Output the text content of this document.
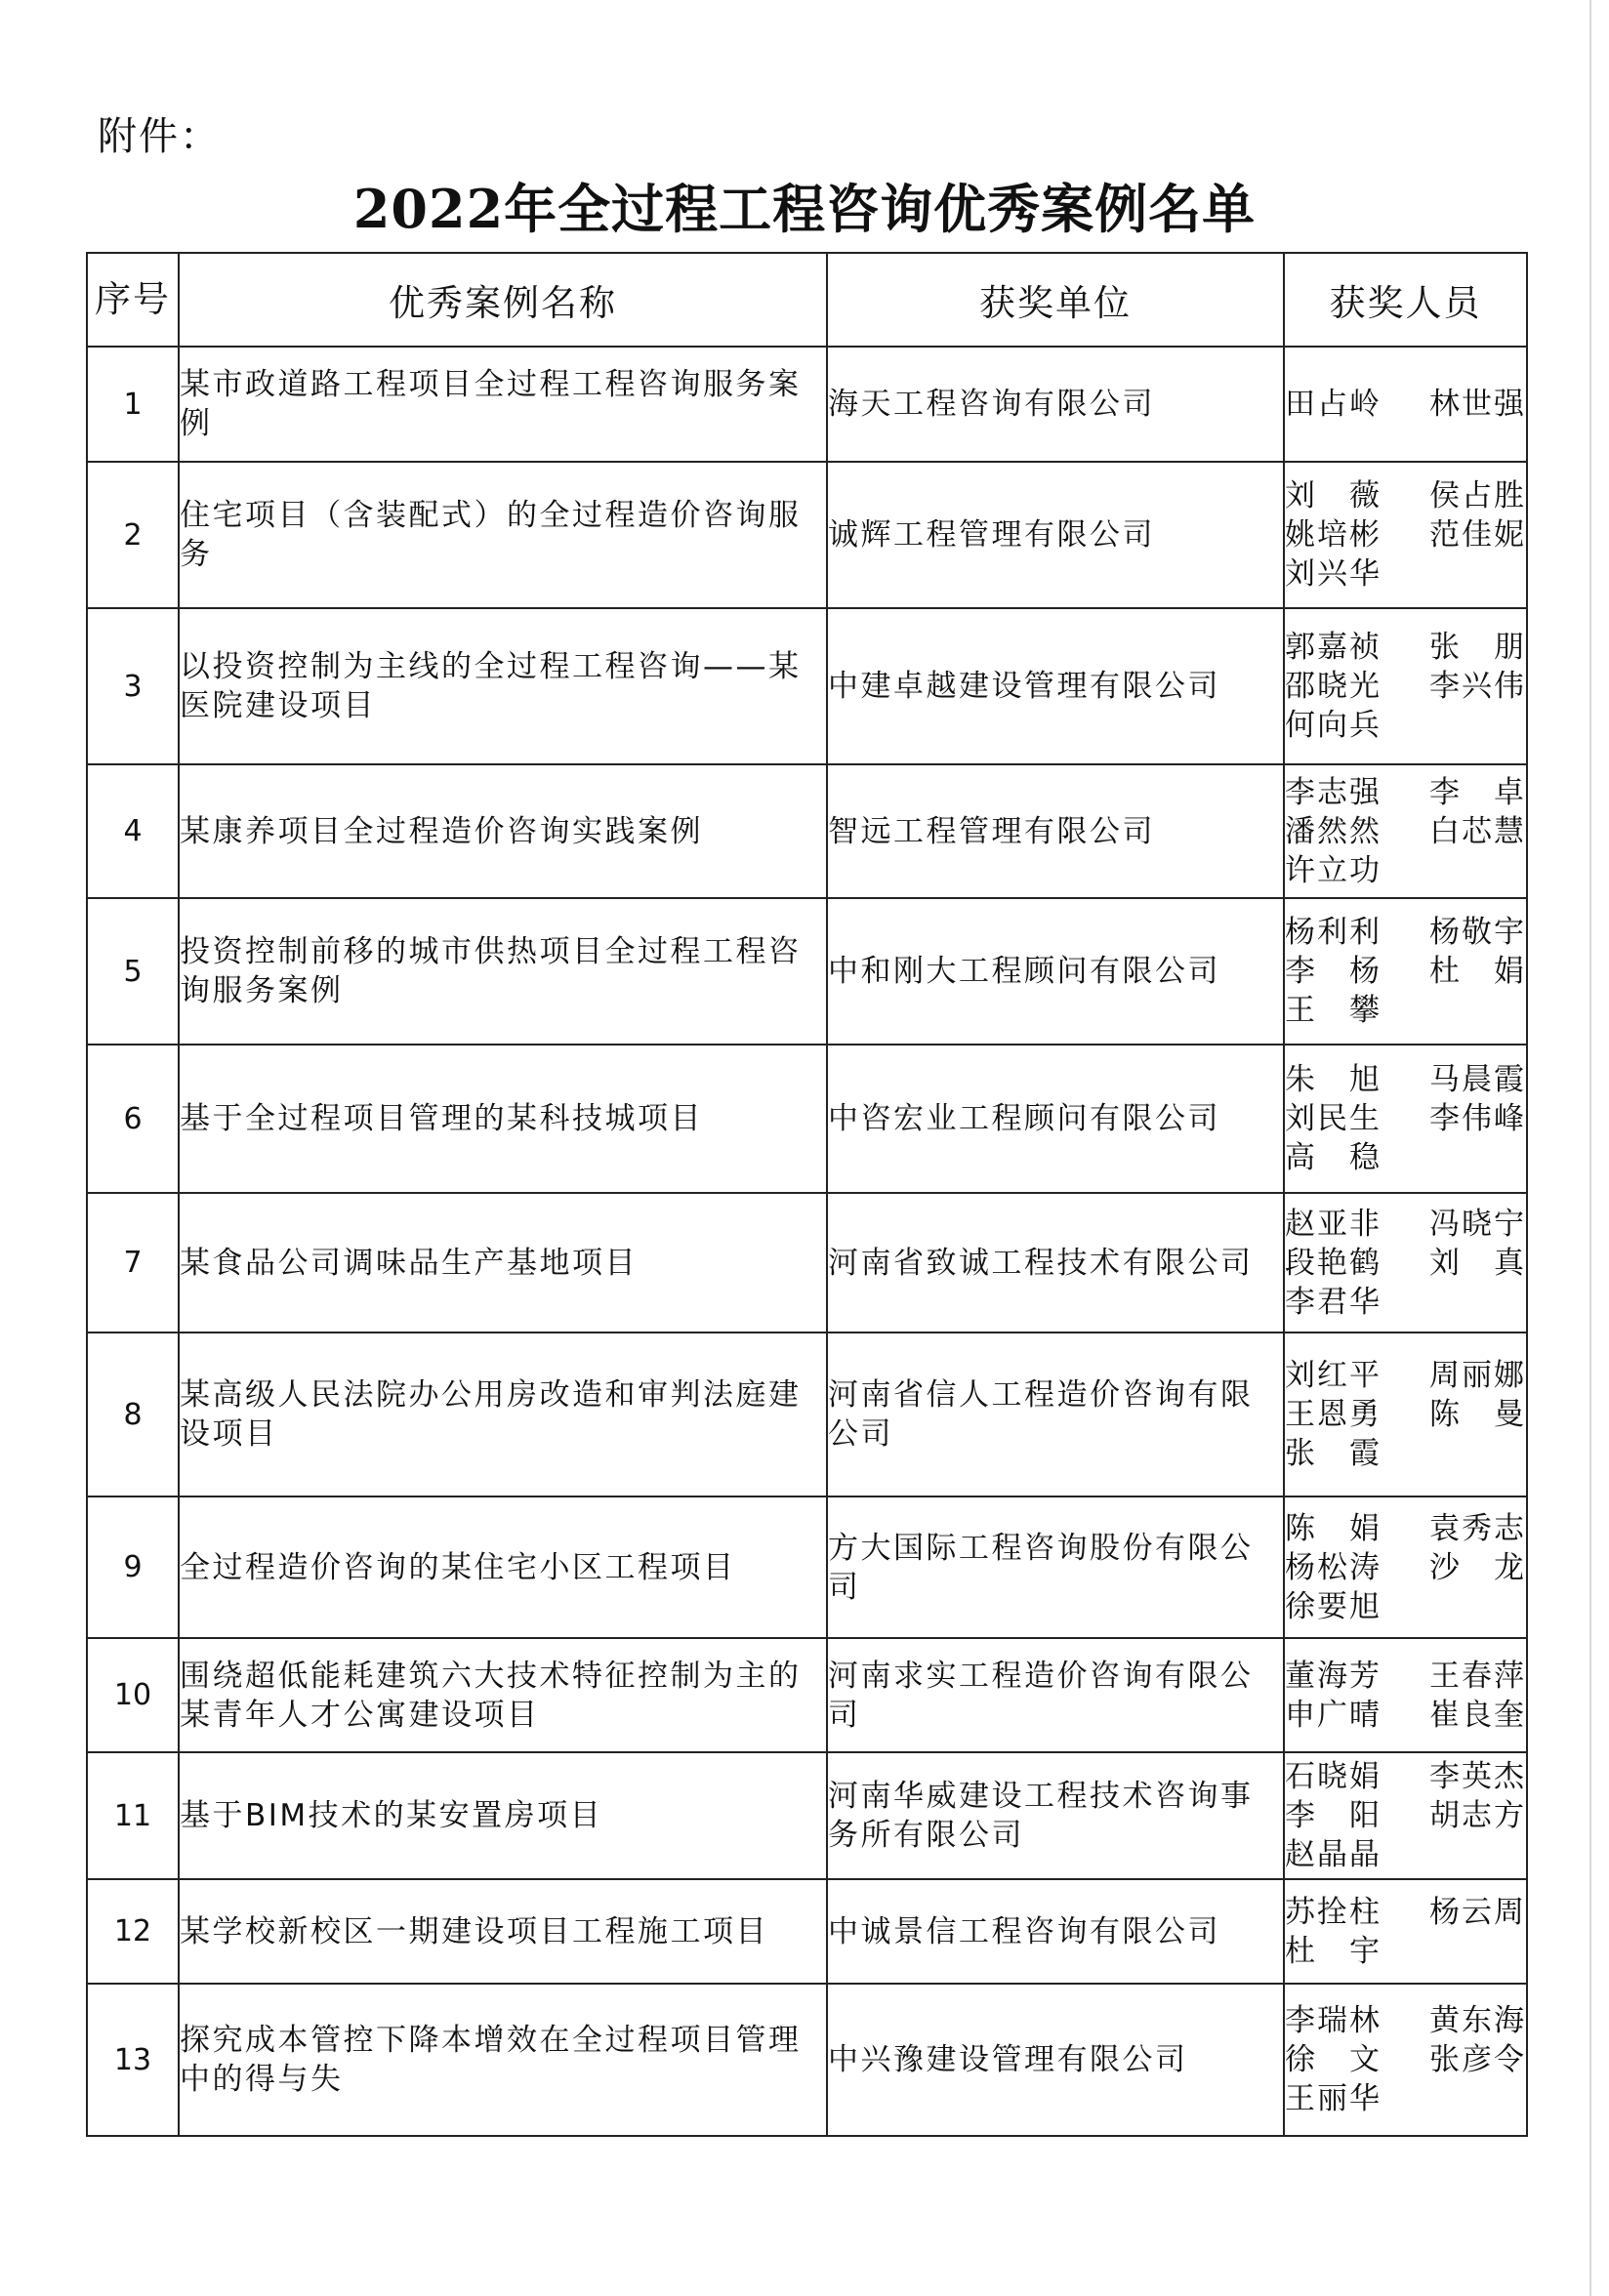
附件：
2022年全过程工程咨询优秀案例名单
序号	优秀案例名称	获奖单位	获奖人员
1	某市政道路工程项目全过程工程咨询服务案例	海天工程咨询有限公司	田占岭 林世强

2	住宅项目（含装配式）的全过程造价咨询服务	诚辉工程管理有限公司	刘　薇 侯占胜
姚培彬 范佳妮
刘兴华

3	以投资控制为主线的全过程工程咨询——某医院建设项目	中建卓越建设管理有限公司	郭嘉祯 张　朋
邵晓光 李兴伟
何向兵

4	某康养项目全过程造价咨询实践案例	智远工程管理有限公司	李志强 李　卓
潘然然 白芯慧
许立功

5	投资控制前移的城市供热项目全过程工程咨询服务案例	中和刚大工程顾问有限公司	杨利利 杨敬宇
李　杨 杜　娟
王　攀

6	基于全过程项目管理的某科技城项目	中咨宏业工程顾问有限公司	朱　旭 马晨霞
刘民生 李伟峰
高　稳

7	某食品公司调味品生产基地项目	河南省致诚工程技术有限公司	赵亚非 冯晓宁
段艳鹤 刘　真
李君华

8	某高级人民法院办公用房改造和审判法庭建设项目	河南省信人工程造价咨询有限公司	刘红平 周丽娜
王恩勇 陈　曼
张　霞

9	全过程造价咨询的某住宅小区工程项目	方大国际工程咨询股份有限公司	陈　娟 袁秀志
杨松涛 沙　龙
徐要旭

10	围绕超低能耗建筑六大技术特征控制为主的某青年人才公寓建设项目	河南求实工程造价咨询有限公司	董海芳 王春萍
申广晴 崔良奎

11	基于BIM技术的某安置房项目	河南华威建设工程技术咨询事务所有限公司	石晓娟 李英杰
李　阳 胡志方
赵晶晶

12	某学校新校区一期建设项目工程施工项目	中诚景信工程咨询有限公司	苏拴柱 杨云周
杜　宇

13	探究成本管控下降本增效在全过程项目管理中的得与失	中兴豫建设管理有限公司	李瑞林 黄东海
徐　文 张彦令
王丽华
